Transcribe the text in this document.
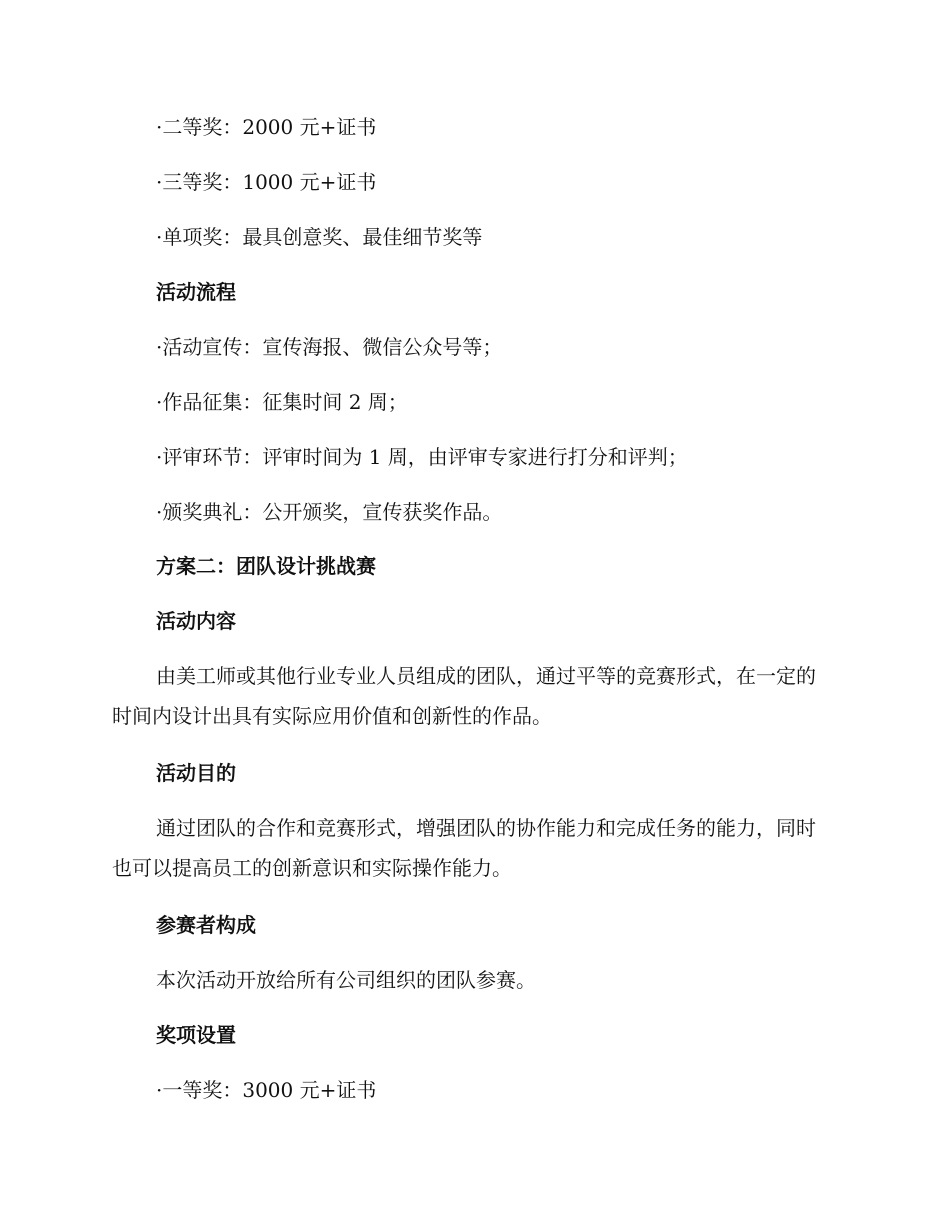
·二等奖：2000 元+证书
·三等奖：1000 元+证书
·单项奖：最具创意奖、最佳细节奖等
活动流程
·活动宣传：宣传海报、微信公众号等；
·作品征集：征集时间 2 周；
·评审环节：评审时间为 1 周，由评审专家进行打分和评判；
·颁奖典礼：公开颁奖，宣传获奖作品。
方案二：团队设计挑战赛
活动内容
由美工师或其他行业专业人员组成的团队，通过平等的竞赛形式，在一定的时间内设计出具有实际应用价值和创新性的作品。
活动目的
通过团队的合作和竞赛形式，增强团队的协作能力和完成任务的能力，同时也可以提高员工的创新意识和实际操作能力。
参赛者构成
本次活动开放给所有公司组织的团队参赛。
奖项设置
·一等奖：3000 元+证书
